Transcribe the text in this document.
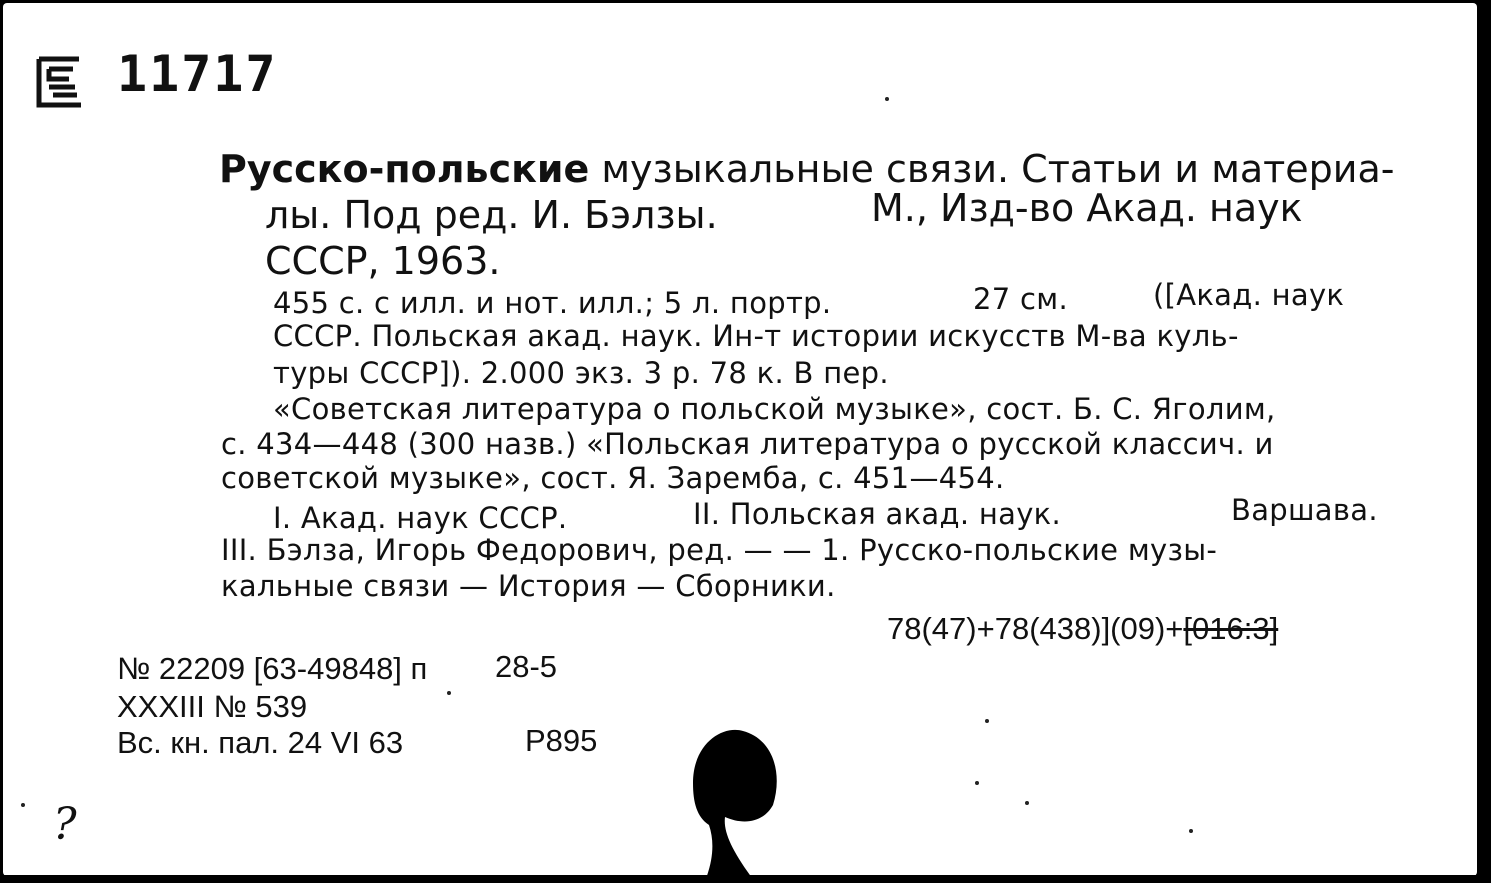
11717
Русско-польские музыкальные связи. Статьи и материа-
лы. Под ред. И. Бэлзы.	М., Изд-во Акад. наук
СССР, 1963.
455 с. с илл. и нот. илл.; 5 л. портр.	27 см.	([Акад. наук
СССР. Польская акад. наук. Ин-т истории искусств М-ва куль-
туры СССР]). 2.000 экз. 3 р. 78 к. В пер.
«Советская литература о польской музыке», сост. Б. С. Яголим,
с. 434—448 (300 назв.) «Польская литература о русской классич. и
советской музыке», сост. Я. Заремба, с. 451—454.
I. Акад. наук СССР.	II. Польская акад. наук.	Варшава.
III. Бэлза, Игорь Федорович, ред. — — 1. Русско-польские музы-
кальные связи — История — Сборники.
78(47)+78(438)](09)+[016:3]
№ 22209 [63-49848] п 28-5
XXXIII № 539
Вс. кн. пал. 24 VI 63	Р895
?
